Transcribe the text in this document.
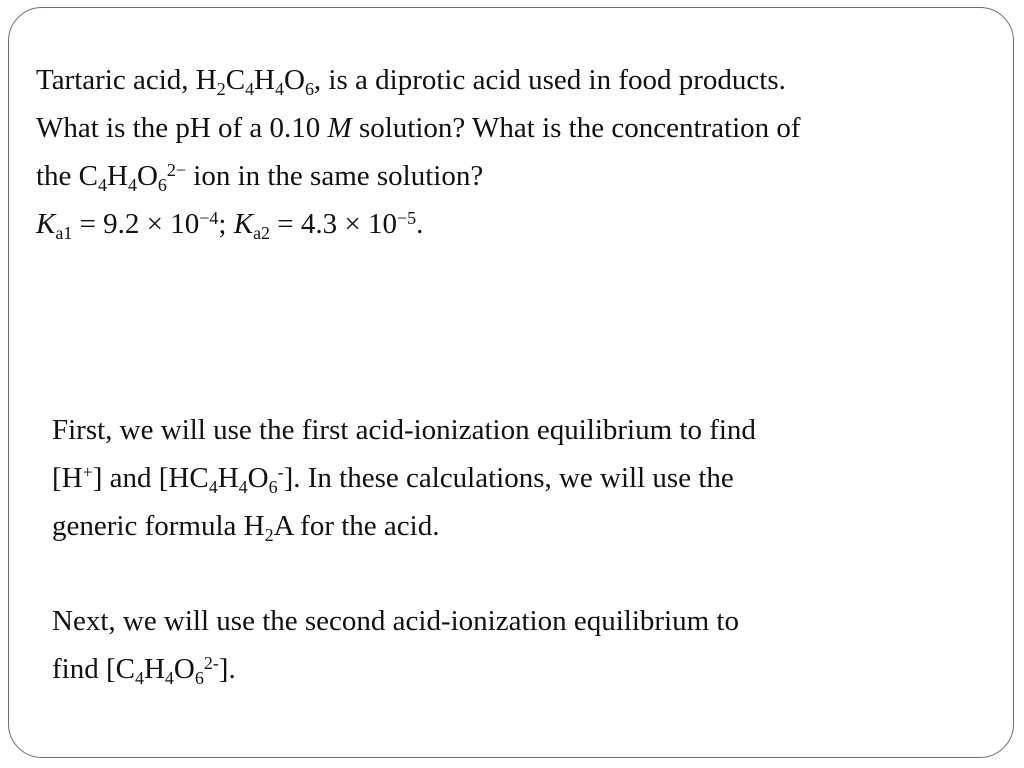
Tartaric acid, $H_2C_4H_4O_6$, is a diprotic acid used in food products.
What is the pH of a 0.10 M solution? What is the concentration of
the $C_4H_4O_6^{2-}$ ion in the same solution?
$K_{a1} = 9.2 \times 10^{-4}$; $K_{a2} = 4.3 \times 10^{-5}$.
First, we will use the first acid-ionization equilibrium to find
[H+] and $[HC_4H_4O_6^-]$. In these calculations, we will use the
generic formula $H_2A$ for the acid.
Next, we will use the second acid-ionization equilibrium to
find $[C_4H_4O_6^{2-}]$.
